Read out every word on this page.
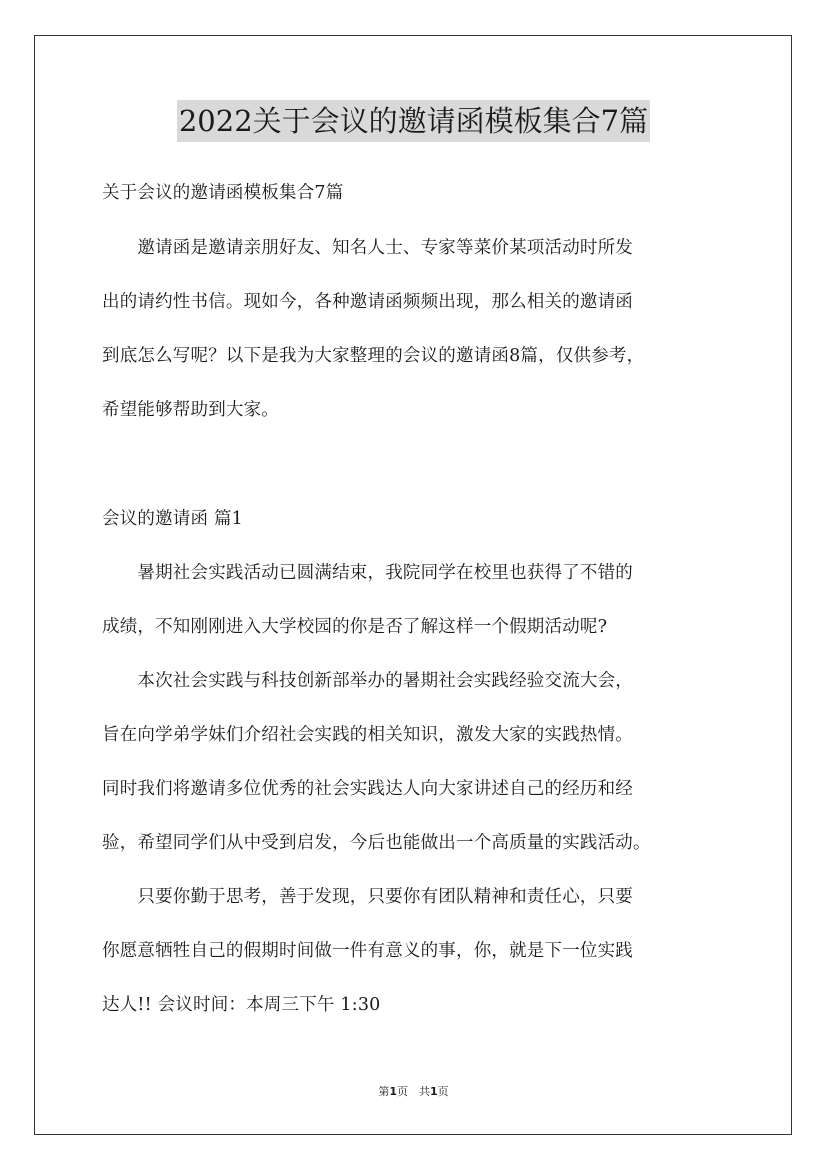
2022关于会议的邀请函模板集合7篇

关于会议的邀请函模板集合7篇

　　邀请函是邀请亲朋好友、知名人士、专家等菜价某项活动时所发

出的请约性书信。现如今，各种邀请函频频出现，那么相关的邀请函

到底怎么写呢？以下是我为大家整理的会议的邀请函8篇，仅供参考，

希望能够帮助到大家。

会议的邀请函 篇1

　　暑期社会实践活动已圆满结束，我院同学在校里也获得了不错的

成绩，不知刚刚进入大学校园的你是否了解这样一个假期活动呢?

　　本次社会实践与科技创新部举办的暑期社会实践经验交流大会，

旨在向学弟学妹们介绍社会实践的相关知识，激发大家的实践热情。

同时我们将邀请多位优秀的社会实践达人向大家讲述自己的经历和经

验，希望同学们从中受到启发，今后也能做出一个高质量的实践活动。

　　只要你勤于思考，善于发现，只要你有团队精神和责任心，只要

你愿意牺牲自己的假期时间做一件有意义的事，你，就是下一位实践

达人!! 会议时间：本周三下午 1:30

第1页　共1页
